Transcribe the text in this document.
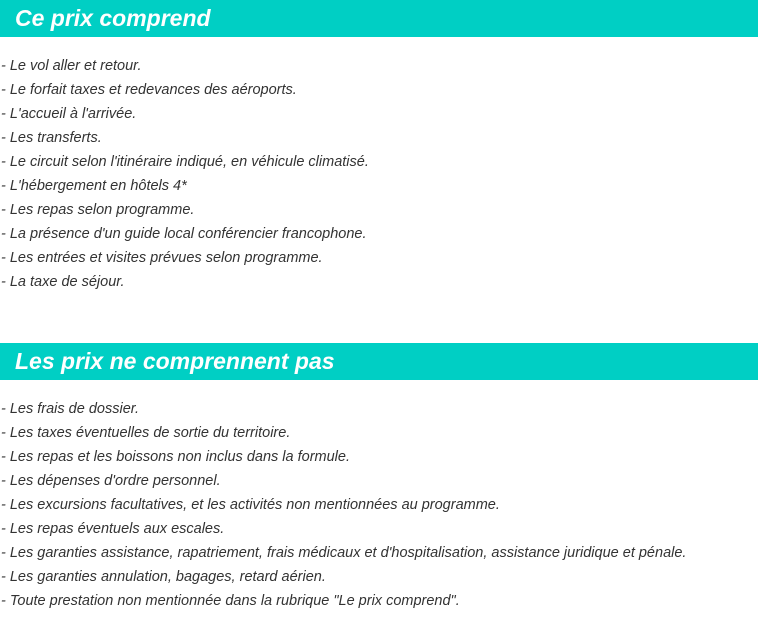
Ce prix comprend
- Le vol aller et retour.
- Le forfait taxes et redevances des aéroports.
- L'accueil à l'arrivée.
- Les transferts.
- Le circuit selon l'itinéraire indiqué, en véhicule climatisé.
- L'hébergement en hôtels 4*
- Les repas selon programme.
- La présence d'un guide local conférencier francophone.
- Les entrées et visites prévues selon programme.
- La taxe de séjour.
Les prix ne comprennent pas
- Les frais de dossier.
- Les taxes éventuelles de sortie du territoire.
- Les repas et les boissons non inclus dans la formule.
- Les dépenses d'ordre personnel.
- Les excursions facultatives, et les activités non mentionnées au programme.
- Les repas éventuels aux escales.
- Les garanties assistance, rapatriement, frais médicaux et d'hospitalisation, assistance juridique et pénale.
- Les garanties annulation, bagages, retard aérien.
- Toute prestation non mentionnée dans la rubrique "Le prix comprend".
